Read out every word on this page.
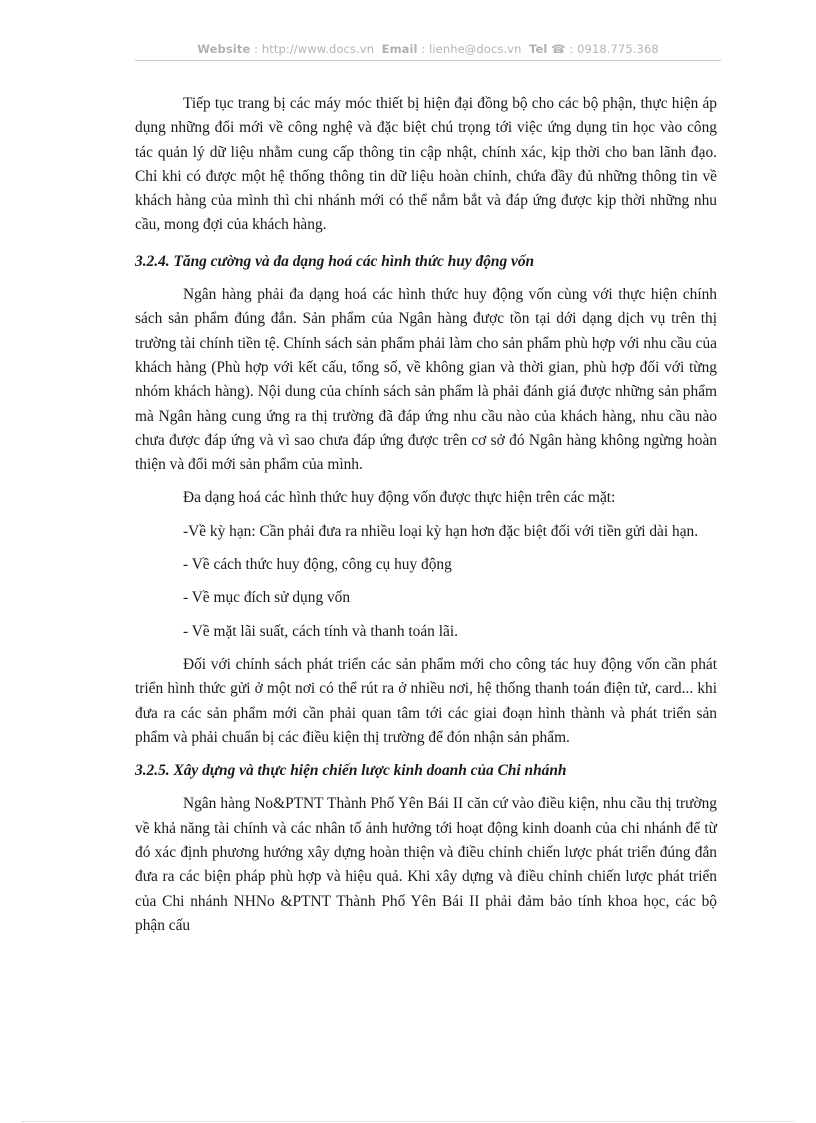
Website : http://www.docs.vn Email : lienhe@docs.vn Tel ☎ : 0918.775.368

Tiếp tục trang bị các máy móc thiết bị hiện đại đồng bộ cho các bộ phận, thực hiện áp dụng những đổi mới về công nghệ và đặc biệt chú trọng tới việc ứng dụng tin học vào công tác quản lý dữ liệu nhằm cung cấp thông tin cập nhật, chính xác, kịp thời cho ban lãnh đạo. Chỉ khi có được một hệ thống thông tin dữ liệu hoàn chỉnh, chứa đầy đủ những thông tin về khách hàng của mình thì chi nhánh mới có thể nắm bắt và đáp ứng được kịp thời những nhu cầu, mong đợi của khách hàng.

3.2.4. Tăng cường và đa dạng hoá các hình thức huy động vốn

Ngân hàng phải đa dạng hoá các hình thức huy động vốn cùng với thực hiện chính sách sản phẩm đúng đắn. Sản phẩm của Ngân hàng được tồn tại dới dạng dịch vụ trên thị trường tài chính tiền tệ. Chính sách sản phẩm phải làm cho sản phẩm phù hợp với nhu cầu của khách hàng (Phù hợp với kết cấu, tổng số, về không gian và thời gian, phù hợp đối với từng nhóm khách hàng). Nội dung của chính sách sản phẩm là phải đánh giá được những sản phẩm mà Ngân hàng cung ứng ra thị trường đã đáp ứng nhu cầu nào của khách hàng, nhu cầu nào chưa được đáp ứng và vì sao chưa đáp ứng được trên cơ sở đó Ngân hàng không ngừng hoàn thiện và đổi mới sản phẩm của mình.

Đa dạng hoá các hình thức huy động vốn được thực hiện trên các mặt:

-Về kỳ hạn: Cần phải đưa ra nhiều loại kỳ hạn hơn đặc biệt đối với tiền gửi dài hạn.

- Về cách thức huy động, công cụ huy động

- Về mục đích sử dụng vốn

- Về mặt lãi suất, cách tính và thanh toán lãi.

Đối với chính sách phát triển các sản phẩm mới cho công tác huy động vốn cần phát triển hình thức gửi ở một nơi có thể rút ra ở nhiều nơi, hệ thống thanh toán điện tử, card... khi đưa ra các sản phẩm mới cần phải quan tâm tới các giai đoạn hình thành và phát triển sản phẩm và phải chuẩn bị các điều kiện thị trường để đón nhận sản phẩm.

3.2.5. Xây dựng và thực hiện chiến lược kinh doanh của Chi nhánh

Ngân hàng No&PTNT Thành Phố Yên Bái II căn cứ vào điều kiện, nhu cầu thị trường về khả năng tài chính và các nhân tố ảnh hưởng tới hoạt động kinh doanh của chi nhánh để từ đó xác định phương hướng xây dựng hoàn thiện và điều chỉnh chiến lược phát triển đúng đắn đưa ra các biện pháp phù hợp và hiệu quả. Khi xây dựng và điều chỉnh chiến lược phát triển của Chi nhánh NHNo &PTNT Thành Phố Yên Bái II phải đảm bảo tính khoa học, các bộ phận cấu
